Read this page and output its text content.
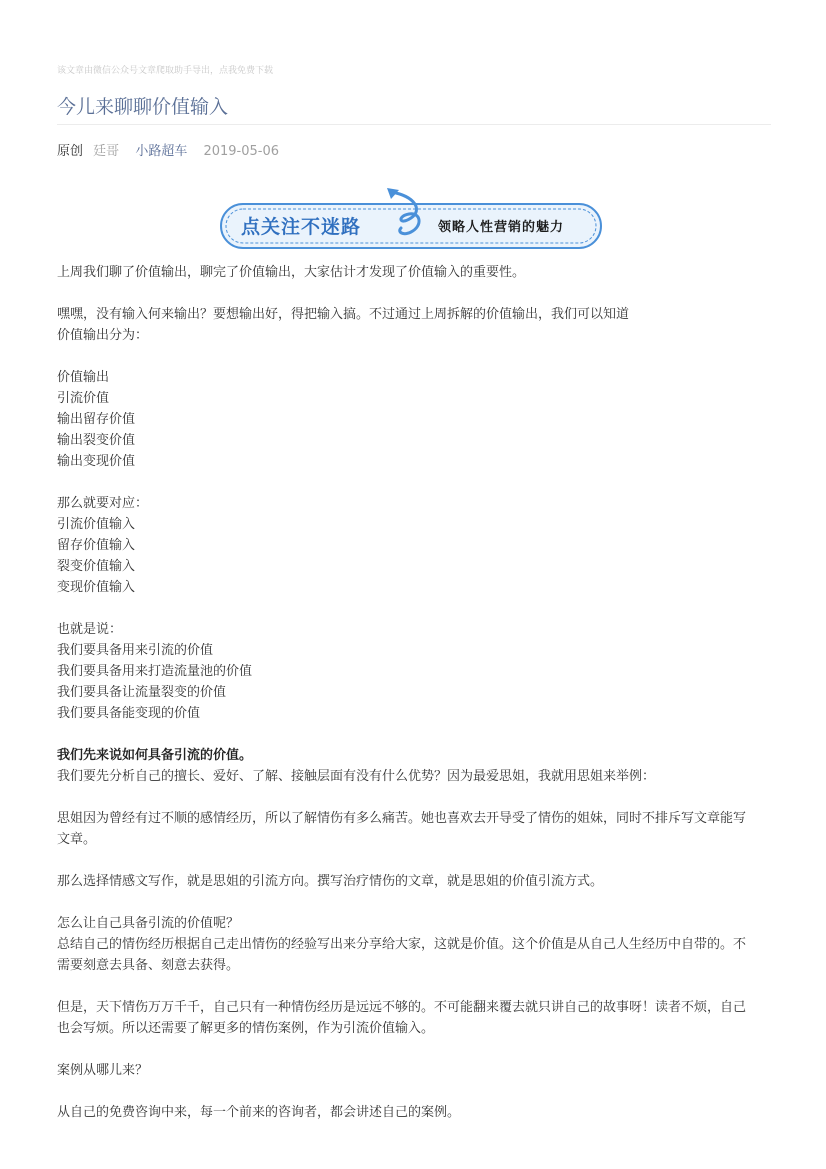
该文章由微信公众号文章爬取助手导出，点我免费下载
今儿来聊聊价值输入
原创 廷哥 小路超车 2019-05-06
点关注不迷路	领略人性营销的魅力

上周我们聊了价值输出，聊完了价值输出，大家估计才发现了价值输入的重要性。

嘿嘿，没有输入何来输出？要想输出好，得把输入搞。不过通过上周拆解的价值输出，我们可以知道
价值输出分为：

价值输出
引流价值
输出留存价值
输出裂变价值
输出变现价值

那么就要对应：
引流价值输入
留存价值输入
裂变价值输入
变现价值输入

也就是说：
我们要具备用来引流的价值
我们要具备用来打造流量池的价值
我们要具备让流量裂变的价值
我们要具备能变现的价值

我们先来说如何具备引流的价值。
我们要先分析自己的擅长、爱好、了解、接触层面有没有什么优势？因为最爱思姐，我就用思姐来举例：

思姐因为曾经有过不顺的感情经历，所以了解情伤有多么痛苦。她也喜欢去开导受了情伤的姐妹，同时不排斥写文章能写
文章。

那么选择情感文写作，就是思姐的引流方向。撰写治疗情伤的文章，就是思姐的价值引流方式。

怎么让自己具备引流的价值呢？
总结自己的情伤经历根据自己走出情伤的经验写出来分享给大家，这就是价值。这个价值是从自己人生经历中自带的。不
需要刻意去具备、刻意去获得。

但是，天下情伤万万千千，自己只有一种情伤经历是远远不够的。不可能翻来覆去就只讲自己的故事呀！读者不烦，自己
也会写烦。所以还需要了解更多的情伤案例，作为引流价值输入。

案例从哪儿来？

从自己的免费咨询中来，每一个前来的咨询者，都会讲述自己的案例。
